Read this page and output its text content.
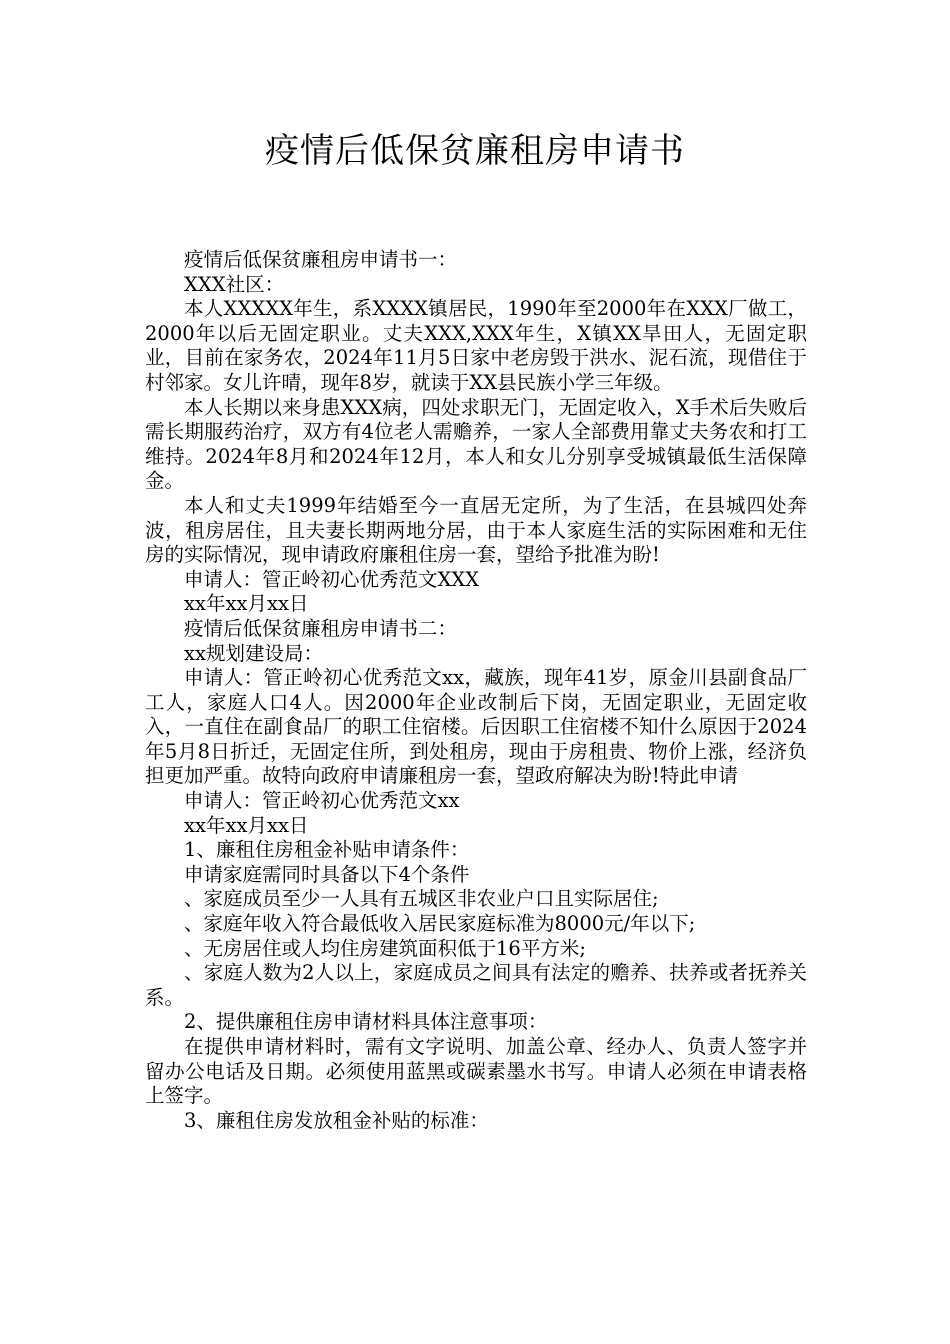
疫情后低保贫廉租房申请书

疫情后低保贫廉租房申请书一：

XXX社区：

本人XXXXX年生，系XXXX镇居民，1990年至2000年在XXX厂做工，2000年以后无固定职业。丈夫XXX,XXX年生，X镇XX旱田人，无固定职业，目前在家务农，2024年11月5日家中老房毁于洪水、泥石流，现借住于村邻家。女儿许晴，现年8岁，就读于XX县民族小学三年级。

本人长期以来身患XXX病，四处求职无门，无固定收入，X手术后失败后需长期服药治疗，双方有4位老人需赡养，一家人全部费用靠丈夫务农和打工维持。2024年8月和2024年12月，本人和女儿分别享受城镇最低生活保障金。

本人和丈夫1999年结婚至今一直居无定所，为了生活，在县城四处奔波，租房居住，且夫妻长期两地分居，由于本人家庭生活的实际困难和无住房的实际情况，现申请政府廉租住房一套，望给予批准为盼!

申请人：管正岭初心优秀范文XXX

xx年xx月xx日

疫情后低保贫廉租房申请书二：

xx规划建设局：

申请人：管正岭初心优秀范文xx，藏族，现年41岁，原金川县副食品厂工人，家庭人口4人。因2000年企业改制后下岗，无固定职业，无固定收入，一直住在副食品厂的职工住宿楼。后因职工住宿楼不知什么原因于2024年5月8日折迁，无固定住所，到处租房，现由于房租贵、物价上涨，经济负担更加严重。故特向政府申请廉租房一套，望政府解决为盼!特此申请

申请人：管正岭初心优秀范文xx

xx年xx月xx日

1、廉租住房租金补贴申请条件：

申请家庭需同时具备以下4个条件

、家庭成员至少一人具有五城区非农业户口且实际居住;

、家庭年收入符合最低收入居民家庭标准为8000元/年以下;

、无房居住或人均住房建筑面积低于16平方米;

、家庭人数为2人以上，家庭成员之间具有法定的赡养、扶养或者抚养关系。

2、提供廉租住房申请材料具体注意事项：

在提供申请材料时，需有文字说明、加盖公章、经办人、负责人签字并留办公电话及日期。必须使用蓝黑或碳素墨水书写。申请人必须在申请表格上签字。

3、廉租住房发放租金补贴的标准：
